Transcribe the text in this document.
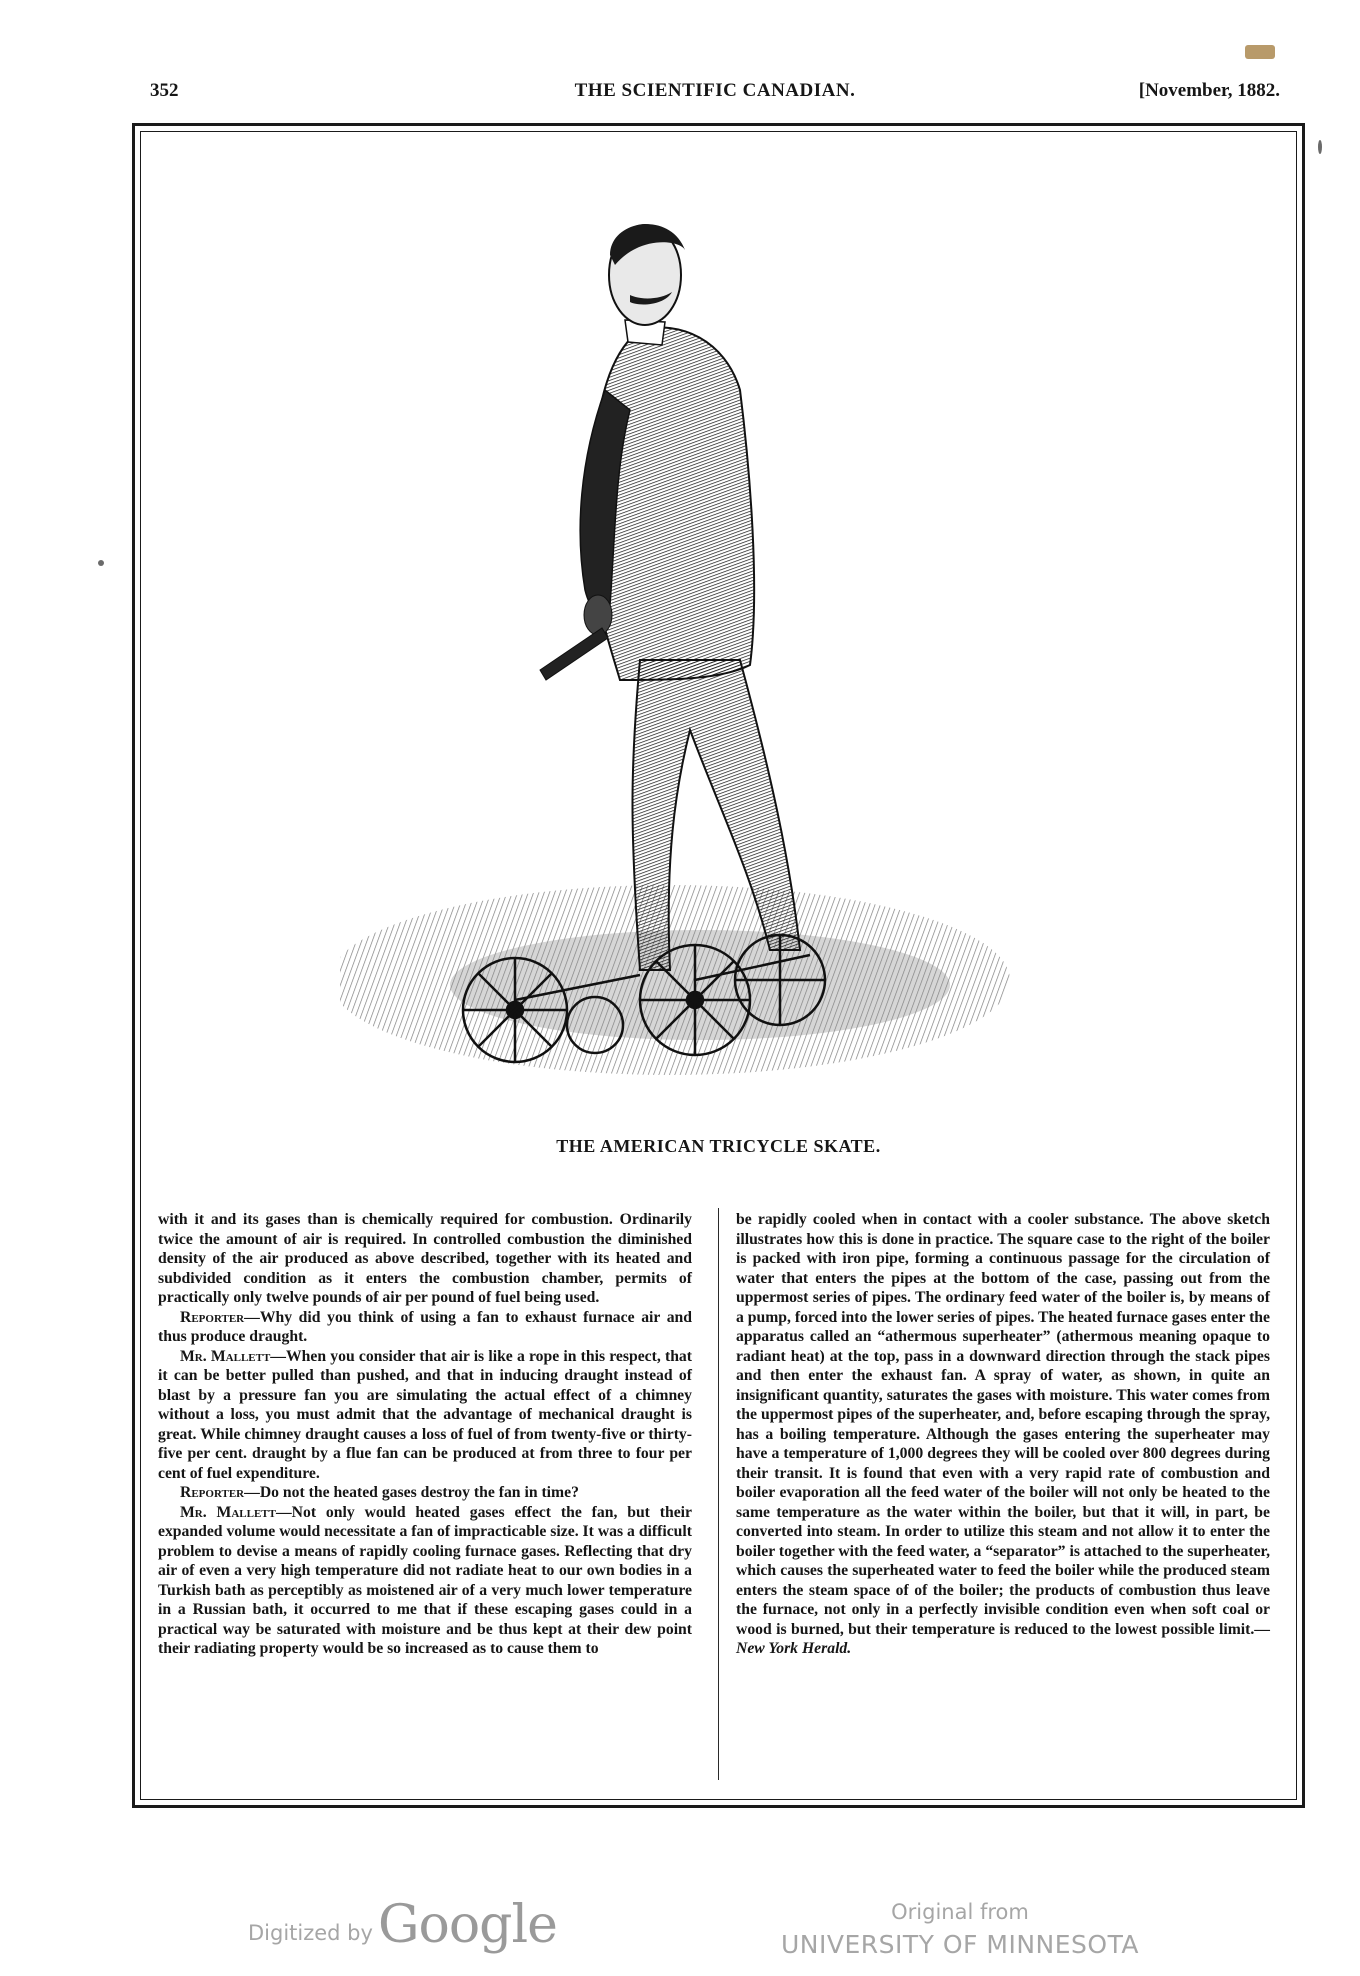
352	THE SCIENTIFIC CANADIAN.	[November, 1882.
THE AMERICAN TRICYCLE SKATE.

with it and its gases than is chemically required for combustion. Ordinarily twice the amount of air is required. In controlled combustion the diminished density of the air produced as above described, together with its heated and subdivided condition as it enters the combustion chamber, permits of practically only twelve pounds of air per pound of fuel being used.

Reporter—Why did you think of using a fan to exhaust furnace air and thus produce draught.

Mr. Mallett—When you consider that air is like a rope in this respect, that it can be better pulled than pushed, and that in inducing draught instead of blast by a pressure fan you are simulating the actual effect of a chimney without a loss, you must admit that the advantage of mechanical draught is great. While chimney draught causes a loss of fuel of from twenty-five or thirty-five per cent. draught by a flue fan can be produced at from three to four per cent of fuel expenditure.

Reporter—Do not the heated gases destroy the fan in time?

Mr. Mallett—Not only would heated gases effect the fan, but their expanded volume would necessitate a fan of impracticable size. It was a difficult problem to devise a means of rapidly cooling furnace gases. Reflecting that dry air of even a very high temperature did not radiate heat to our own bodies in a Turkish bath as perceptibly as moistened air of a very much lower temperature in a Russian bath, it occurred to me that if these escaping gases could in a practical way be saturated with moisture and be thus kept at their dew point their radiating property would be so increased as to cause them to

be rapidly cooled when in contact with a cooler substance. The above sketch illustrates how this is done in practice. The square case to the right of the boiler is packed with iron pipe, forming a continuous passage for the circulation of water that enters the pipes at the bottom of the case, passing out from the uppermost series of pipes. The ordinary feed water of the boiler is, by means of a pump, forced into the lower series of pipes. The heated furnace gases enter the apparatus called an “athermous superheater” (athermous meaning opaque to radiant heat) at the top, pass in a downward direction through the stack pipes and then enter the exhaust fan. A spray of water, as shown, in quite an insignificant quantity, saturates the gases with moisture. This water comes from the uppermost pipes of the superheater, and, before escaping through the spray, has a boiling temperature. Although the gases entering the superheater may have a temperature of 1,000 degrees they will be cooled over 800 degrees during their transit. It is found that even with a very rapid rate of combustion and boiler evaporation all the feed water of the boiler will not only be heated to the same temperature as the water within the boiler, but that it will, in part, be converted into steam. In order to utilize this steam and not allow it to enter the boiler together with the feed water, a “separator” is attached to the superheater, which causes the superheated water to feed the boiler while the produced steam enters the steam space of of the boiler; the products of combustion thus leave the furnace, not only in a perfectly invisible condition even when soft coal or wood is burned, but their temperature is reduced to the lowest possible limit.—New York Herald.

Digitized by Google	Original from
UNIVERSITY OF MINNESOTA
